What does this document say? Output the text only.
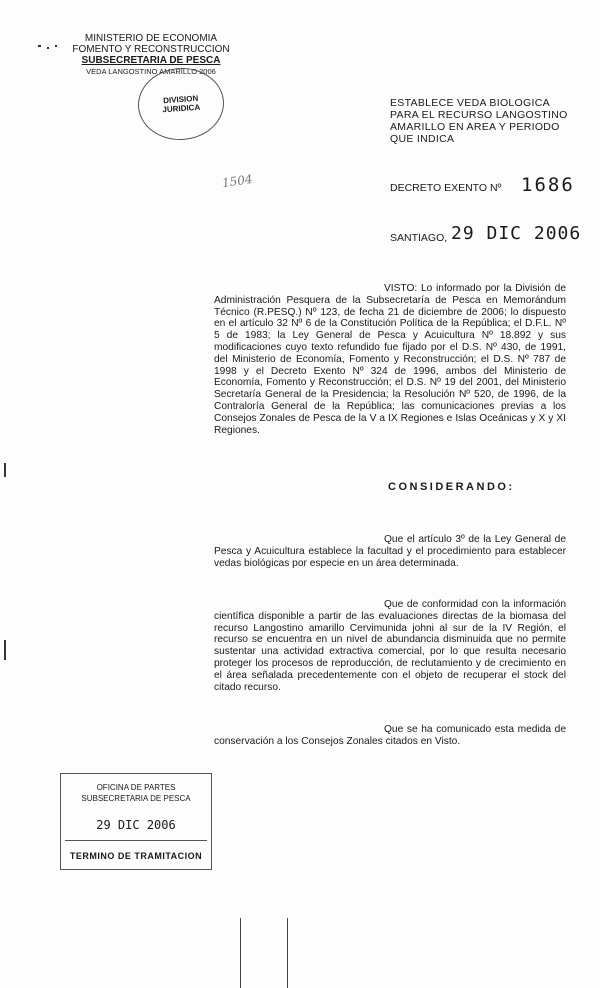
MINISTERIO DE ECONOMIA
FOMENTO Y RECONSTRUCCION
SUBSECRETARIA DE PESCA
VEDA LANGOSTINO AMARILLO 2006
DIVISION
JURIDICA	ESTABLECE VEDA BIOLOGICA PARA EL RECURSO LANGOSTINO AMARILLO EN AREA Y PERIODO QUE INDICA
1504	DECRETO EXENTO Nº 1686
SANTIAGO, 29 DIC 2006
VISTO: Lo informado por la División de Administración Pesquera de la Subsecretaría de Pesca en Memorándum Técnico (R.PESQ.) Nº 123, de fecha 21 de diciembre de 2006; lo dispuesto en el artículo 32 Nº 6 de la Constitución Política de la República; el D.F.L. Nº 5 de 1983; la Ley General de Pesca y Acuicultura Nº 18.892 y sus modificaciones cuyo texto refundido fue fijado por el D.S. Nº 430, de 1991, del Ministerio de Economía, Fomento y Reconstrucción; el D.S. Nº 787 de 1998 y el Decreto Exento Nº 324 de 1996, ambos del Ministerio de Economía, Fomento y Reconstrucción; el D.S. Nº 19 del 2001, del Ministerio Secretaría General de la Presidencia; la Resolución Nº 520, de 1996, de la Contraloría General de la República; las comunicaciones previas a los Consejos Zonales de Pesca de la V a IX Regiones e Islas Oceánicas y X y XI Regiones.
CONSIDERANDO:
Que el artículo 3º de la Ley General de Pesca y Acuicultura establece la facultad y el procedimiento para establecer vedas biológicas por especie en un área determinada.
Que de conformidad con la información científica disponible a partir de las evaluaciones directas de la biomasa del recurso Langostino amarillo Cervimunida johni al sur de la IV Región, el recurso se encuentra en un nivel de abundancia disminuida que no permite sustentar una actividad extractiva comercial, por lo que resulta necesario proteger los procesos de reproducción, de reclutamiento y de crecimiento en el área señalada precedentemente con el objeto de recuperar el stock del citado recurso.
Que se ha comunicado esta medida de conservación a los Consejos Zonales citados en Visto.
OFICINA DE PARTES
SUBSECRETARIA DE PESCA
29 DIC 2006
TERMINO DE TRAMITACION
